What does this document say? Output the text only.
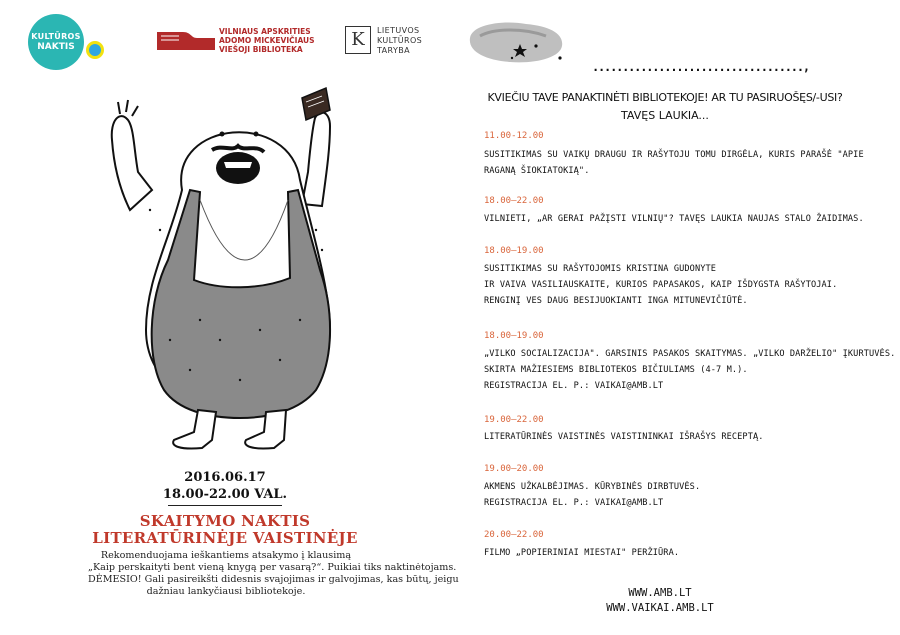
KULTŪROS
NAKTIS
VILNIAUS APSKRITIES
ADOMO MICKEVIČIAUS
VIEŠOJI BIBLIOTEKA	K	LIETUVOS
KULTŪROS
TARYBA
2016.06.17
18.00-22.00 VAL.
SKAITYMO NAKTIS
LITERATŪRINĖJE VAISTINĖJE
Rekomenduojama ieškantiems atsakymo į klausimą
„Kaip perskaityti bent vieną knygą per vasarą?“. Puikiai tiks naktinėtojams.
DĖMESIO! Gali pasireikšti didesnis svajojimas ir galvojimas, kas būtų, jeigu
dažniau lankyčiausi bibliotekoje.
...................................,
KVIEČIU TAVE PANAKTINĖTI BIBLIOTEKOJE! AR TU PASIRUOŠĘS/-USI?
TAVĘS LAUKIA...
11.00-12.00
SUSITIKIMAS SU VAIKŲ DRAUGU IR RAŠYTOJU TOMU DIRGĖLA, KURIS PARAŠĖ "APIE
RAGANĄ ŠIOKIATOKIĄ".
18.00–22.00
VILNIETI, „AR GERAI PAŽĮSTI VILNIŲ"? TAVĘS LAUKIA NAUJAS STALO ŽAIDIMAS.
18.00–19.00
SUSITIKIMAS SU RAŠYTOJOMIS KRISTINA GUDONYTE
IR VAIVA VASILIAUSKAITE, KURIOS PAPASAKOS, KAIP IŠDYGSTA RAŠYTOJAI.
RENGINĮ VES DAUG BESIJUOKIANTI INGA MITUNEVIČIŪTĖ.
18.00–19.00
„VILKO SOCIALIZACIJA". GARSINIS PASAKOS SKAITYMAS. „VILKO DARŽELIO" ĮKURTUVĖS.
SKIRTA MAŽIESIEMS BIBLIOTEKOS BIČIULIAMS (4-7 M.).
REGISTRACIJA EL. P.: VAIKAI@AMB.LT
19.00–22.00
LITERATŪRINĖS VAISTINĖS VAISTININKAI IŠRAŠYS RECEPTĄ.
19.00–20.00
AKMENS UŽKALBĖJIMAS. KŪRYBINĖS DIRBTUVĖS.
REGISTRACIJA EL. P.: VAIKAI@AMB.LT
20.00–22.00
FILMO „POPIERINIAI MIESTAI" PERŽIŪRA.
WWW.AMB.LT
WWW.VAIKAI.AMB.LT
